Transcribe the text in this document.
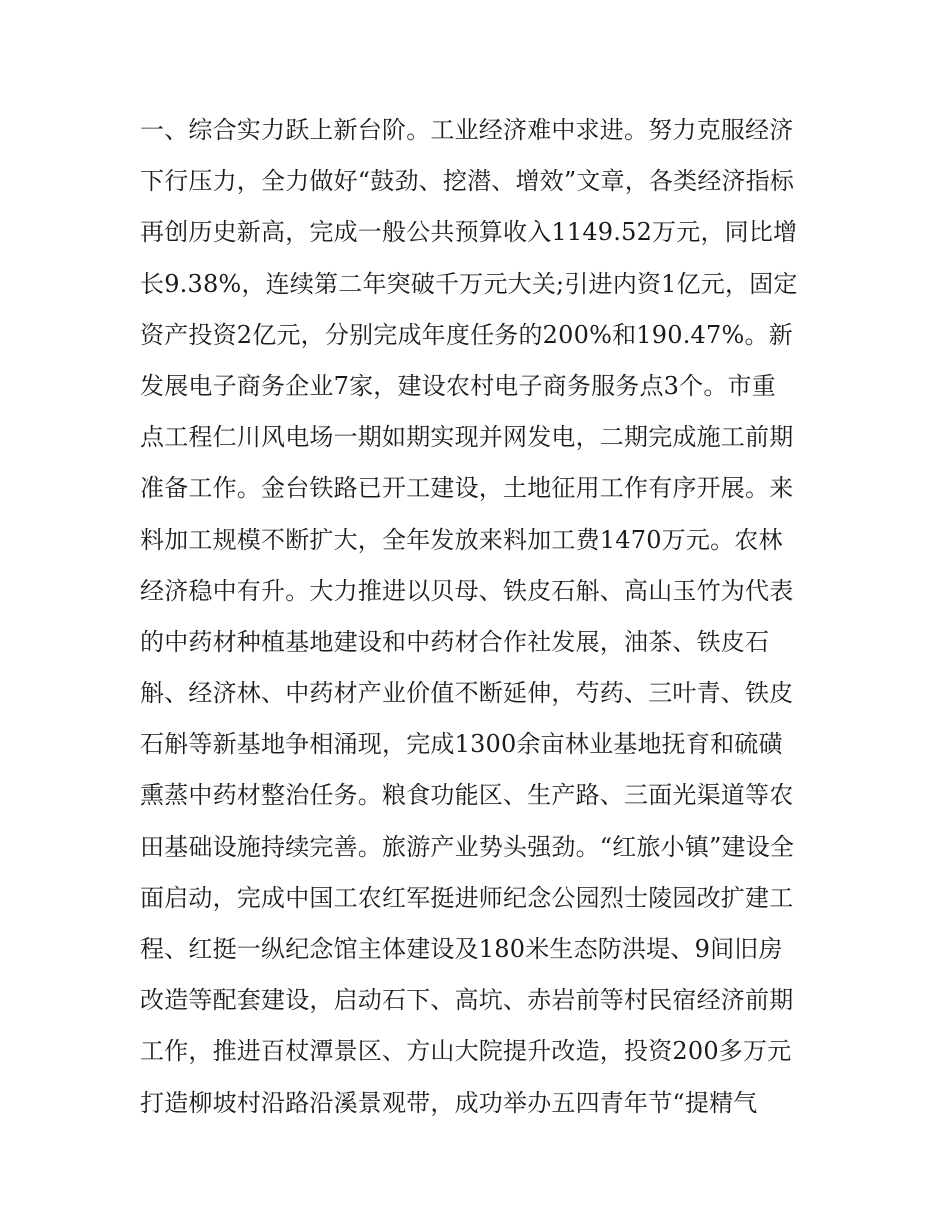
一、综合实力跃上新台阶。工业经济难中求进。努力克服经济
下行压力，全力做好“鼓劲、挖潜、增效”文章，各类经济指标
再创历史新高，完成一般公共预算收入1149.52万元，同比增
长9.38%，连续第二年突破千万元大关;引进内资1亿元，固定
资产投资2亿元，分别完成年度任务的200%和190.47%。新
发展电子商务企业7家，建设农村电子商务服务点3个。市重
点工程仁川风电场一期如期实现并网发电，二期完成施工前期
准备工作。金台铁路已开工建设，土地征用工作有序开展。来
料加工规模不断扩大，全年发放来料加工费1470万元。农林
经济稳中有升。大力推进以贝母、铁皮石斛、高山玉竹为代表
的中药材种植基地建设和中药材合作社发展，油茶、铁皮石
斛、经济林、中药材产业价值不断延伸，芍药、三叶青、铁皮
石斛等新基地争相涌现，完成1300余亩林业基地抚育和硫磺
熏蒸中药材整治任务。粮食功能区、生产路、三面光渠道等农
田基础设施持续完善。旅游产业势头强劲。“红旅小镇”建设全
面启动，完成中国工农红军挺进师纪念公园烈士陵园改扩建工
程、红挺一纵纪念馆主体建设及180米生态防洪堤、9间旧房
改造等配套建设，启动石下、高坑、赤岩前等村民宿经济前期
工作，推进百杖潭景区、方山大院提升改造，投资200多万元
打造柳坡村沿路沿溪景观带，成功举办五四青年节“提精气
